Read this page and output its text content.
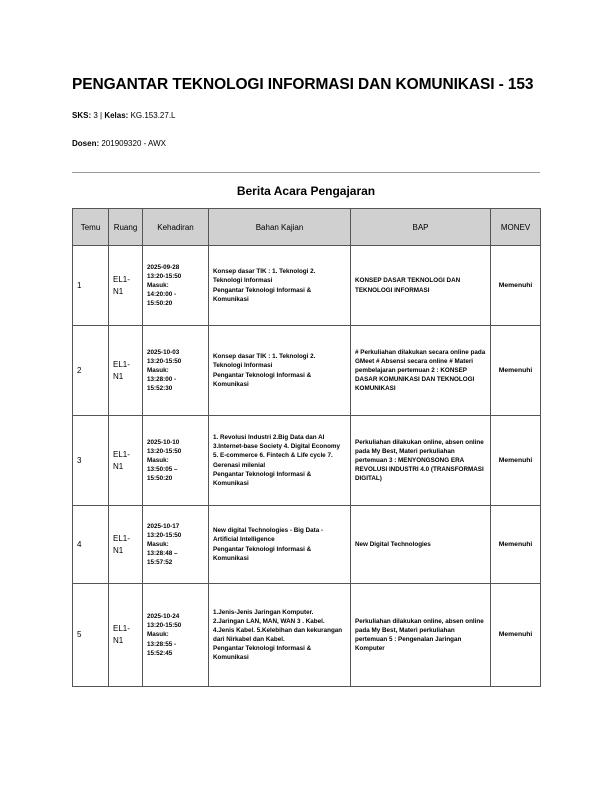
PENGANTAR TEKNOLOGI INFORMASI DAN KOMUNIKASI - 153
SKS: 3 | Kelas: KG.153.27.L
Dosen: 201909320 - AWX
Berita Acara Pengajaran
Temu	Ruang	Kehadiran	Bahan Kajian	BAP	MONEV
1	EL1-
N1	2025-09-28
13:20-15:50
Masuk:
14:20:00 -
15:50:20	Konsep dasar TIK : 1. Teknologi 2. Teknologi Informasi
Pengantar Teknologi Informasi & Komunikasi	KONSEP DASAR TEKNOLOGI DAN TEKNOLOGI INFORMASI	Memenuhi
2	EL1-
N1	2025-10-03
13:20-15:50
Masuk:
13:28:00 -
15:52:30	Konsep dasar TIK : 1. Teknologi 2. Teknologi Informasi
Pengantar Teknologi Informasi & Komunikasi	# Perkuliahan dilakukan secara online pada GMeet # Absensi secara online # Materi pembelajaran pertemuan 2 : KONSEP DASAR KOMUNIKASI DAN TEKNOLOGI KOMUNIKASI	Memenuhi
3	EL1-
N1	2025-10-10
13:20-15:50
Masuk:
13:50:05 –
15:50:20	1. Revolusi Industri 2.Big Data dan AI 3.Internet-base Society 4. Digital Economy 5. E-commerce 6. Fintech & Life cycle 7. Gerenasi milenial
Pengantar Teknologi Informasi & Komunikasi	Perkuliahan dilakukan online, absen online pada My Best, Materi perkuliahan pertemuan 3 : MENYONGSONG ERA REVOLUSI INDUSTRI 4.0 (TRANSFORMASI DIGITAL)	Memenuhi
4	EL1-
N1	2025-10-17
13:20-15:50
Masuk:
13:28:48 –
15:57:52	New digital Technologies - Big Data - Artificial Intelligence
Pengantar Teknologi Informasi & Komunikasi	New Digital Technologies	Memenuhi
5	EL1-
N1	2025-10-24
13:20-15:50
Masuk:
13:28:55 -
15:52:45	1.Jenis-Jenis Jaringan Komputer. 2.Jaringan LAN, MAN, WAN 3 . Kabel. 4.Jenis Kabel. 5.Kelebihan dan kekurangan dari Nirkabel dan Kabel.
Pengantar Teknologi Informasi & Komunikasi	Perkuliahan dilakukan online, absen online pada My Best, Materi perkuliahan pertemuan 5 : Pengenalan Jaringan Komputer	Memenuhi
